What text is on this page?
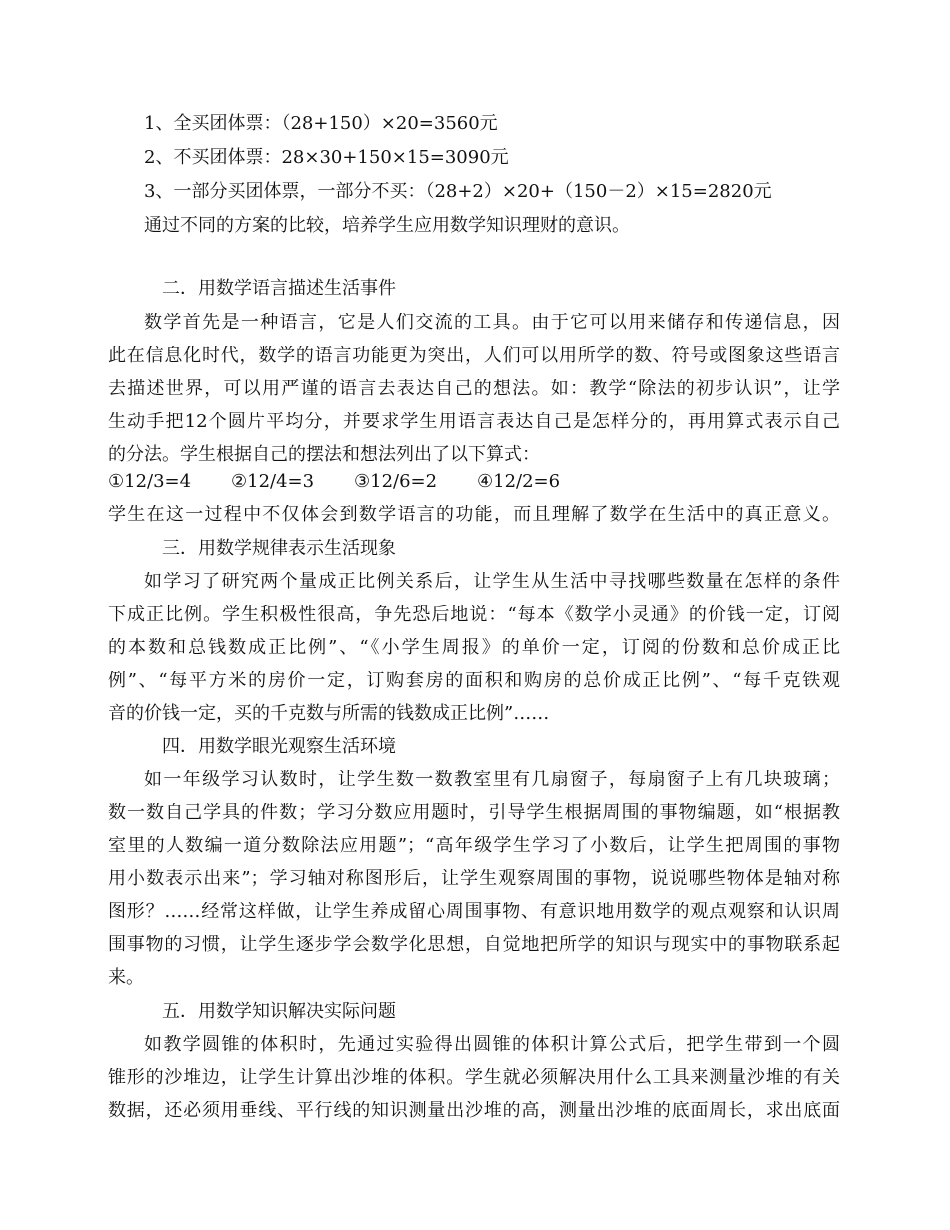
1、全买团体票：（28+150）×20=3560元
2、不买团体票：28×30+150×15=3090元
3、一部分买团体票，一部分不买：（28+2）×20+（150－2）×15=2820元
通过不同的方案的比较，培养学生应用数学知识理财的意识。
二．用数学语言描述生活事件
数学首先是一种语言，它是人们交流的工具。由于它可以用来储存和传递信息，因
此在信息化时代，数学的语言功能更为突出，人们可以用所学的数、符号或图象这些语言
去描述世界，可以用严谨的语言去表达自己的想法。如：教学“除法的初步认识”，让学
生动手把12个圆片平均分，并要求学生用语言表达自己是怎样分的，再用算式表示自己
的分法。学生根据自己的摆法和想法列出了以下算式：
①12/3=4 ②12/4=3 ③12/6=2 ④12/2=6
学生在这一过程中不仅体会到数学语言的功能，而且理解了数学在生活中的真正意义。
三．用数学规律表示生活现象
如学习了研究两个量成正比例关系后，让学生从生活中寻找哪些数量在怎样的条件
下成正比例。学生积极性很高，争先恐后地说：“每本《数学小灵通》的价钱一定，订阅
的本数和总钱数成正比例”、“《小学生周报》的单价一定，订阅的份数和总价成正比
例”、“每平方米的房价一定，订购套房的面积和购房的总价成正比例”、“每千克铁观
音的价钱一定，买的千克数与所需的钱数成正比例”……
四．用数学眼光观察生活环境
如一年级学习认数时，让学生数一数教室里有几扇窗子，每扇窗子上有几块玻璃；
数一数自己学具的件数；学习分数应用题时，引导学生根据周围的事物编题，如“根据教
室里的人数编一道分数除法应用题”；“高年级学生学习了小数后，让学生把周围的事物
用小数表示出来”；学习轴对称图形后，让学生观察周围的事物，说说哪些物体是轴对称
图形？……经常这样做，让学生养成留心周围事物、有意识地用数学的观点观察和认识周
围事物的习惯，让学生逐步学会数学化思想，自觉地把所学的知识与现实中的事物联系起
来。
五．用数学知识解决实际问题
如教学圆锥的体积时，先通过实验得出圆锥的体积计算公式后，把学生带到一个圆
锥形的沙堆边，让学生计算出沙堆的体积。学生就必须解决用什么工具来测量沙堆的有关
数据，还必须用垂线、平行线的知识测量出沙堆的高，测量出沙堆的底面周长，求出底面
